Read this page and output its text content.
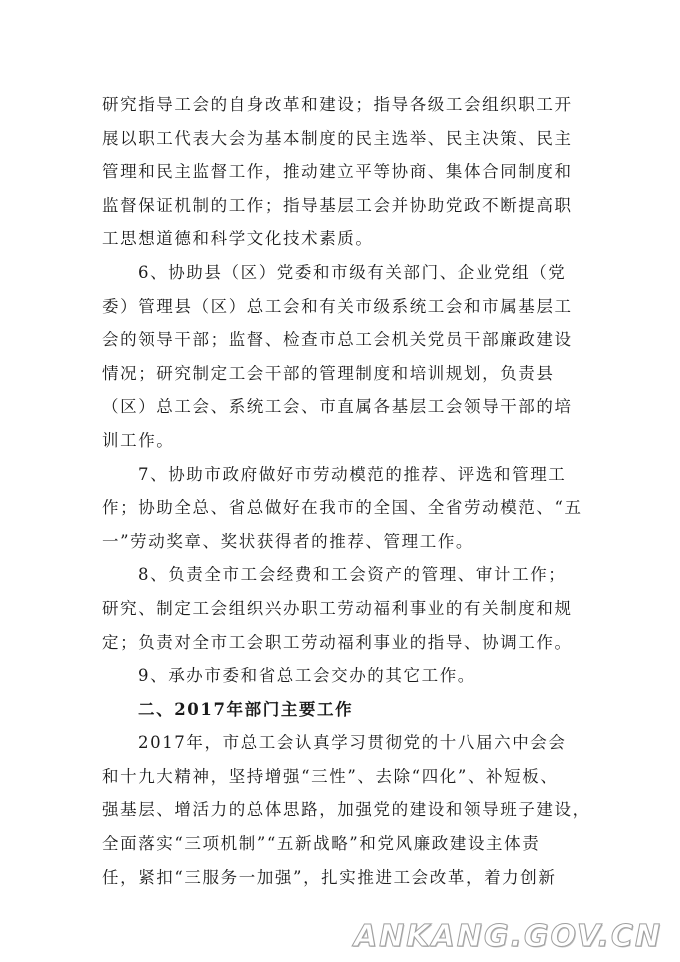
研究指导工会的自身改革和建设；指导各级工会组织职工开
展以职工代表大会为基本制度的民主选举、民主决策、民主
管理和民主监督工作，推动建立平等协商、集体合同制度和
监督保证机制的工作；指导基层工会并协助党政不断提高职
工思想道德和科学文化技术素质。
6、协助县（区）党委和市级有关部门、企业党组（党
委）管理县（区）总工会和有关市级系统工会和市属基层工
会的领导干部；监督、检查市总工会机关党员干部廉政建设
情况；研究制定工会干部的管理制度和培训规划，负责县
（区）总工会、系统工会、市直属各基层工会领导干部的培
训工作。
7、协助市政府做好市劳动模范的推荐、评选和管理工
作；协助全总、省总做好在我市的全国、全省劳动模范、“五
一”劳动奖章、奖状获得者的推荐、管理工作。
8、负责全市工会经费和工会资产的管理、审计工作；
研究、制定工会组织兴办职工劳动福利事业的有关制度和规
定；负责对全市工会职工劳动福利事业的指导、协调工作。
9、承办市委和省总工会交办的其它工作。
二、2017年部门主要工作
2017年，市总工会认真学习贯彻党的十八届六中会会
和十九大精神，坚持增强“三性”、去除“四化”、补短板、
强基层、增活力的总体思路，加强党的建设和领导班子建设，
全面落实“三项机制”“五新战略”和党风廉政建设主体责
任，紧扣“三服务一加强”，扎实推进工会改革，着力创新
ANKANG.GOV.CN
